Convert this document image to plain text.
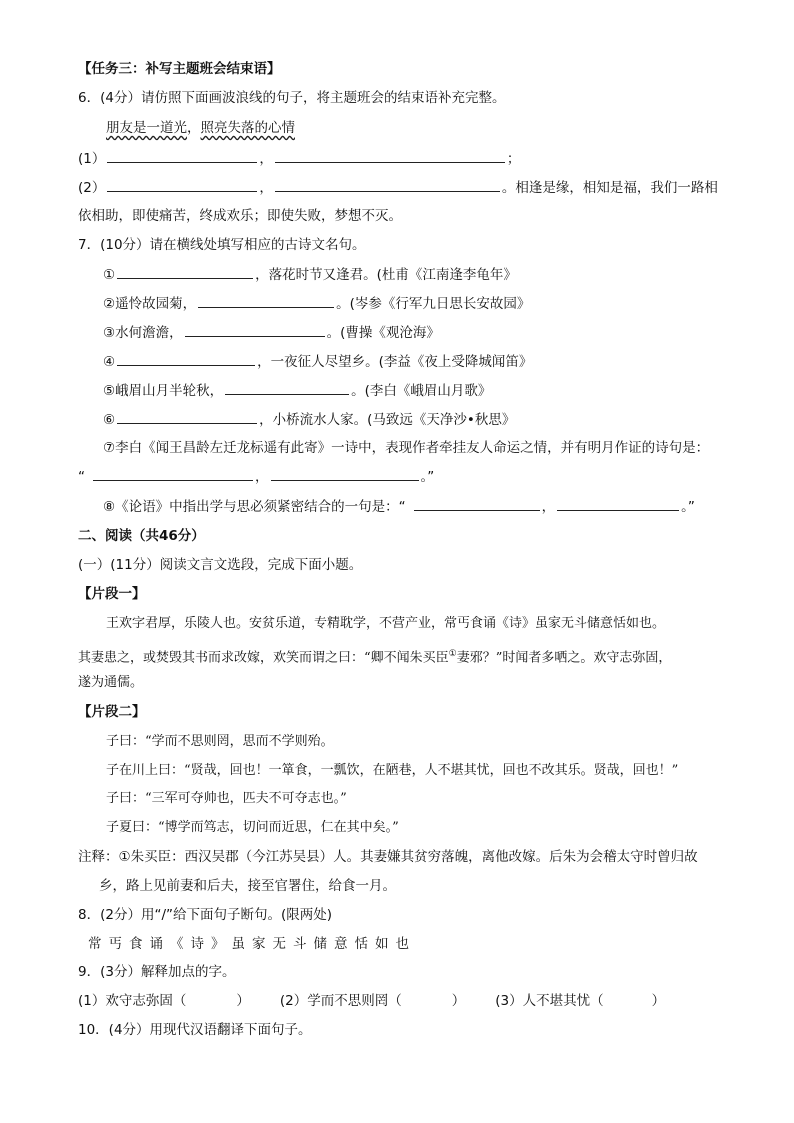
【任务三：补写主题班会结束语】
6．(4分）请仿照下面画波浪线的句子，将主题班会的结束语补充完整。
朋友是一道光，照亮失落的心情
(1）	，	；
(2）	，	。相逢是缘，相知是福，我们一路相
依相助，即使痛苦，终成欢乐；即使失败，梦想不灭。
7．(10分）请在横线处填写相应的古诗文名句。
①	，落花时节又逢君。(杜甫《江南逢李龟年》
②遥怜故园菊，	。(岑参《行军九日思长安故园》
③水何澹澹，	。(曹操《观沧海》
④	，一夜征人尽望乡。(李益《夜上受降城闻笛》
⑤峨眉山月半轮秋，	。(李白《峨眉山月歌》
⑥	，小桥流水人家。(马致远《天净沙•秋思》
⑦李白《闻王昌龄左迁龙标遥有此寄》一诗中，表现作者牵挂友人命运之情，并有明月作证的诗句是：
“	，	。”
⑧《论语》中指出学与思必须紧密结合的一句是：“	，	。”
二、阅读（共46分）
(一）(11分）阅读文言文选段，完成下面小题。
【片段一】
王欢字君厚，乐陵人也。安贫乐道，专精耽学，不营产业，常丐食诵《诗》虽家无斗储意恬如也。
其妻患之，或焚毁其书而求改嫁，欢笑而谓之曰：“卿不闻朱买臣①妻邪？”时闻者多哂之。欢守志弥固，
遂为通儒。
【片段二】
子曰：“学而不思则罔，思而不学则殆。
子在川上曰：“贤哉，回也！一箪食，一瓢饮，在陋巷，人不堪其忧，回也不改其乐。贤哉，回也！”
子曰：“三军可夺帅也，匹夫不可夺志也。”
子夏曰：“博学而笃志，切问而近思，仁在其中矣。”
注释：①朱买臣：西汉吴郡（今江苏吴县）人。其妻嫌其贫穷落魄，离他改嫁。后朱为会稽太守时曾归故
乡，路上见前妻和后夫，接至官署住，给食一月。
8．(2分）用“/”给下面句子断句。(限两处)
常丐食诵《诗》虽家无斗储意恬如也
9．(3分）解释加点的字。
(1）欢守志弥固（	） (2）学而不思则罔（	） (3）人不堪其忧（	）
10．(4分）用现代汉语翻译下面句子。
